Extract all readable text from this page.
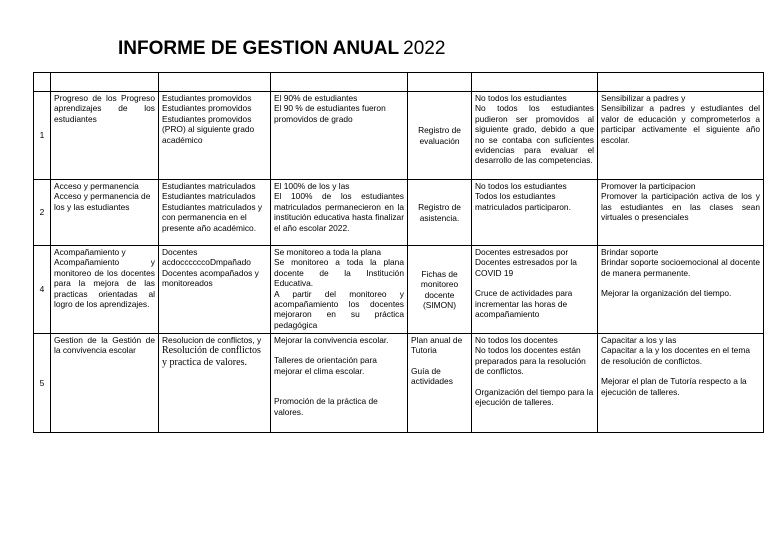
INFORME DE GESTION ANUAL 2022

1	Progreso de los Progreso aprendizajes de los estudiantes	Estudiantes promovidos
Estudiantes promovidos
Estudiantes promovidos (PRO) al siguiente grado académico	El 90% de estudiantes
El 90 % de estudiantes fueron promovidos de grado	Registro de evaluación	No todos los estudiantes
No todos los estudiantes pudieron ser promovidos al siguiente grado, debido a que no se contaba con suficientes evidencias para evaluar el desarrollo de las competencias.	Sensibilizar a padres y
Sensibilizar a padres y estudiantes del valor de educación y comprometerlos a participar activamente el siguiente año escolar.

2	Acceso y permanencia
Acceso y permanencia de los y las estudiantes	Estudiantes matriculados
Estudiantes matriculados
Estudiantes matriculados y con permanencia en el presente año académico.	El 100% de los y las
El 100% de los estudiantes matriculados permanecieron en la institución educativa hasta finalizar el año escolar 2022.	Registro de asistencia.	No todos los estudiantes
Todos los estudiantes matriculados participaron.	Promover la participacion
Promover la participación activa de los y las estudiantes en las clases sean virtuales o presenciales

4	Acompañamiento y
Acompañamiento y monitoreo de los docentes para la mejora de las practicas orientadas al logro de los aprendizajes.	Docentes
acdoccccccoDmpañado Docentes acompañados y monitoreados	Se monitoreo a toda la plana
Se monitoreo a toda la plana docente de la Institución Educativa.
A partir del monitoreo y acompañamiento los docentes mejoraron en su práctica pedagógica	Fichas de monitoreo docente (SIMON)	Docentes estresados por
Docentes estresados por la COVID 19
Cruce de actividades para incrementar las horas de acompañamiento	Brindar soporte
Brindar soporte socioemocional al docente de manera permanente.
Mejorar la organización del tiempo.

5	Gestion de la Gestión de la convivencia escolar	Resolucion de conflictos, y
Resolución de conflictos y practica de valores.	Mejorar la convivencia escolar.
Talleres de orientación para mejorar el clima escolar.
Promoción de la práctica de valores.	Plan anual de Tutoria
Guía de actividades	No todos los docentes
No todos los docentes están preparados para la resolución de conflictos.
Organización del tiempo para la ejecución de talleres.	Capacitar a los y las
Capacitar a la y los docentes en el tema de resolución de conflictos.
Mejorar el plan de Tutoría respecto a la ejecución de talleres.
